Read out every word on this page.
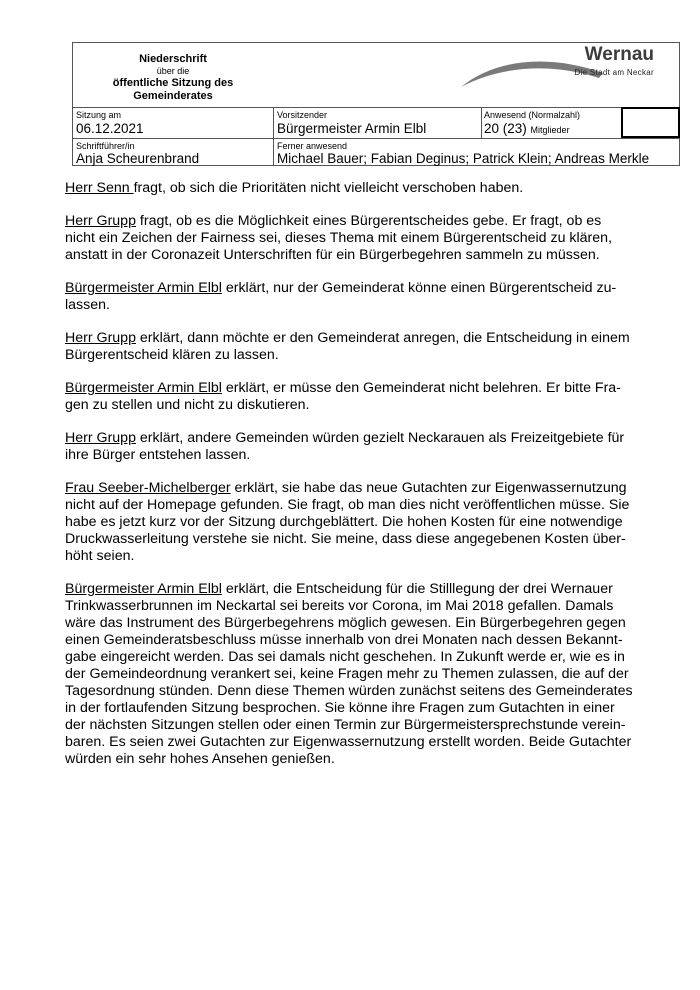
Niederschrift
über die
öffentliche Sitzung des
Gemeinderates
Wernau
Die Stadt am Neckar
Sitzung am
06.12.2021
Vorsitzender
Bürgermeister Armin Elbl
Anwesend (Normalzahl)
20 (23) Mitglieder
Schriftführer/in
Anja Scheurenbrand
Ferner anwesend
Michael Bauer; Fabian Deginus; Patrick Klein; Andreas Merkle

Herr Senn fragt, ob sich die Prioritäten nicht vielleicht verschoben haben.

Herr Grupp fragt, ob es die Möglichkeit eines Bürgerentscheides gebe. Er fragt, ob es
nicht ein Zeichen der Fairness sei, dieses Thema mit einem Bürgerentscheid zu klären,
anstatt in der Coronazeit Unterschriften für ein Bürgerbegehren sammeln zu müssen.

Bürgermeister Armin Elbl erklärt, nur der Gemeinderat könne einen Bürgerentscheid zu-
lassen.

Herr Grupp erklärt, dann möchte er den Gemeinderat anregen, die Entscheidung in einem
Bürgerentscheid klären zu lassen.

Bürgermeister Armin Elbl erklärt, er müsse den Gemeinderat nicht belehren. Er bitte Fra-
gen zu stellen und nicht zu diskutieren.

Herr Grupp erklärt, andere Gemeinden würden gezielt Neckarauen als Freizeitgebiete für
ihre Bürger entstehen lassen.

Frau Seeber-Michelberger erklärt, sie habe das neue Gutachten zur Eigenwassernutzung
nicht auf der Homepage gefunden. Sie fragt, ob man dies nicht veröffentlichen müsse. Sie
habe es jetzt kurz vor der Sitzung durchgeblättert. Die hohen Kosten für eine notwendige
Druckwasserleitung verstehe sie nicht. Sie meine, dass diese angegebenen Kosten über-
höht seien.

Bürgermeister Armin Elbl erklärt, die Entscheidung für die Stilllegung der drei Wernauer
Trinkwasserbrunnen im Neckartal sei bereits vor Corona, im Mai 2018 gefallen. Damals
wäre das Instrument des Bürgerbegehrens möglich gewesen. Ein Bürgerbegehren gegen
einen Gemeinderatsbeschluss müsse innerhalb von drei Monaten nach dessen Bekannt-
gabe eingereicht werden. Das sei damals nicht geschehen. In Zukunft werde er, wie es in
der Gemeindeordnung verankert sei, keine Fragen mehr zu Themen zulassen, die auf der
Tagesordnung stünden. Denn diese Themen würden zunächst seitens des Gemeinderates
in der fortlaufenden Sitzung besprochen. Sie könne ihre Fragen zum Gutachten in einer
der nächsten Sitzungen stellen oder einen Termin zur Bürgermeistersprechstunde verein-
baren. Es seien zwei Gutachten zur Eigenwassernutzung erstellt worden. Beide Gutachter
würden ein sehr hohes Ansehen genießen.
